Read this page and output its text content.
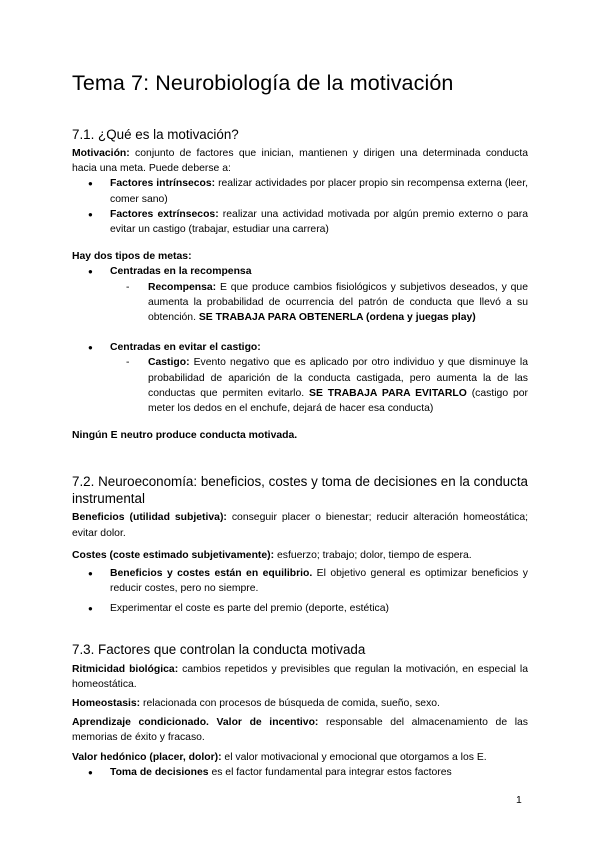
Tema 7: Neurobiología de la motivación
7.1. ¿Qué es la motivación?

Motivación: conjunto de factores que inician, mantienen y dirigen una determinada conducta hacia una meta. Puede deberse a:

● Factores intrínsecos: realizar actividades por placer propio sin recompensa externa (leer, comer sano)
● Factores extrínsecos: realizar una actividad motivada por algún premio externo o para evitar un castigo (trabajar, estudiar una carrera)

Hay dos tipos de metas:

● Centradas en la recompensa
- Recompensa: E que produce cambios fisiológicos y subjetivos deseados, y que aumenta la probabilidad de ocurrencia del patrón de conducta que llevó a su obtención. SE TRABAJA PARA OBTENERLA (ordena y juegas play)
● Centradas en evitar el castigo:
- Castigo: Evento negativo que es aplicado por otro individuo y que disminuye la probabilidad de aparición de la conducta castigada, pero aumenta la de las conductas que permiten evitarlo. SE TRABAJA PARA EVITARLO (castigo por meter los dedos en el enchufe, dejará de hacer esa conducta)

Ningún E neutro produce conducta motivada.

7.2. Neuroeconomía: beneficios, costes y toma de decisiones en la conducta instrumental

Beneficios (utilidad subjetiva): conseguir placer o bienestar; reducir alteración homeostática; evitar dolor.

Costes (coste estimado subjetivamente): esfuerzo; trabajo; dolor, tiempo de espera.

● Beneficios y costes están en equilibrio. El objetivo general es optimizar beneficios y reducir costes, pero no siempre.
● Experimentar el coste es parte del premio (deporte, estética)
7.3. Factores que controlan la conducta motivada

Ritmicidad biológica: cambios repetidos y previsibles que regulan la motivación, en especial la homeostática.

Homeostasis: relacionada con procesos de búsqueda de comida, sueño, sexo.

Aprendizaje condicionado. Valor de incentivo: responsable del almacenamiento de las memorias de éxito y fracaso.

Valor hedónico (placer, dolor): el valor motivacional y emocional que otorgamos a los E.

● Toma de decisiones es el factor fundamental para integrar estos factores
1
